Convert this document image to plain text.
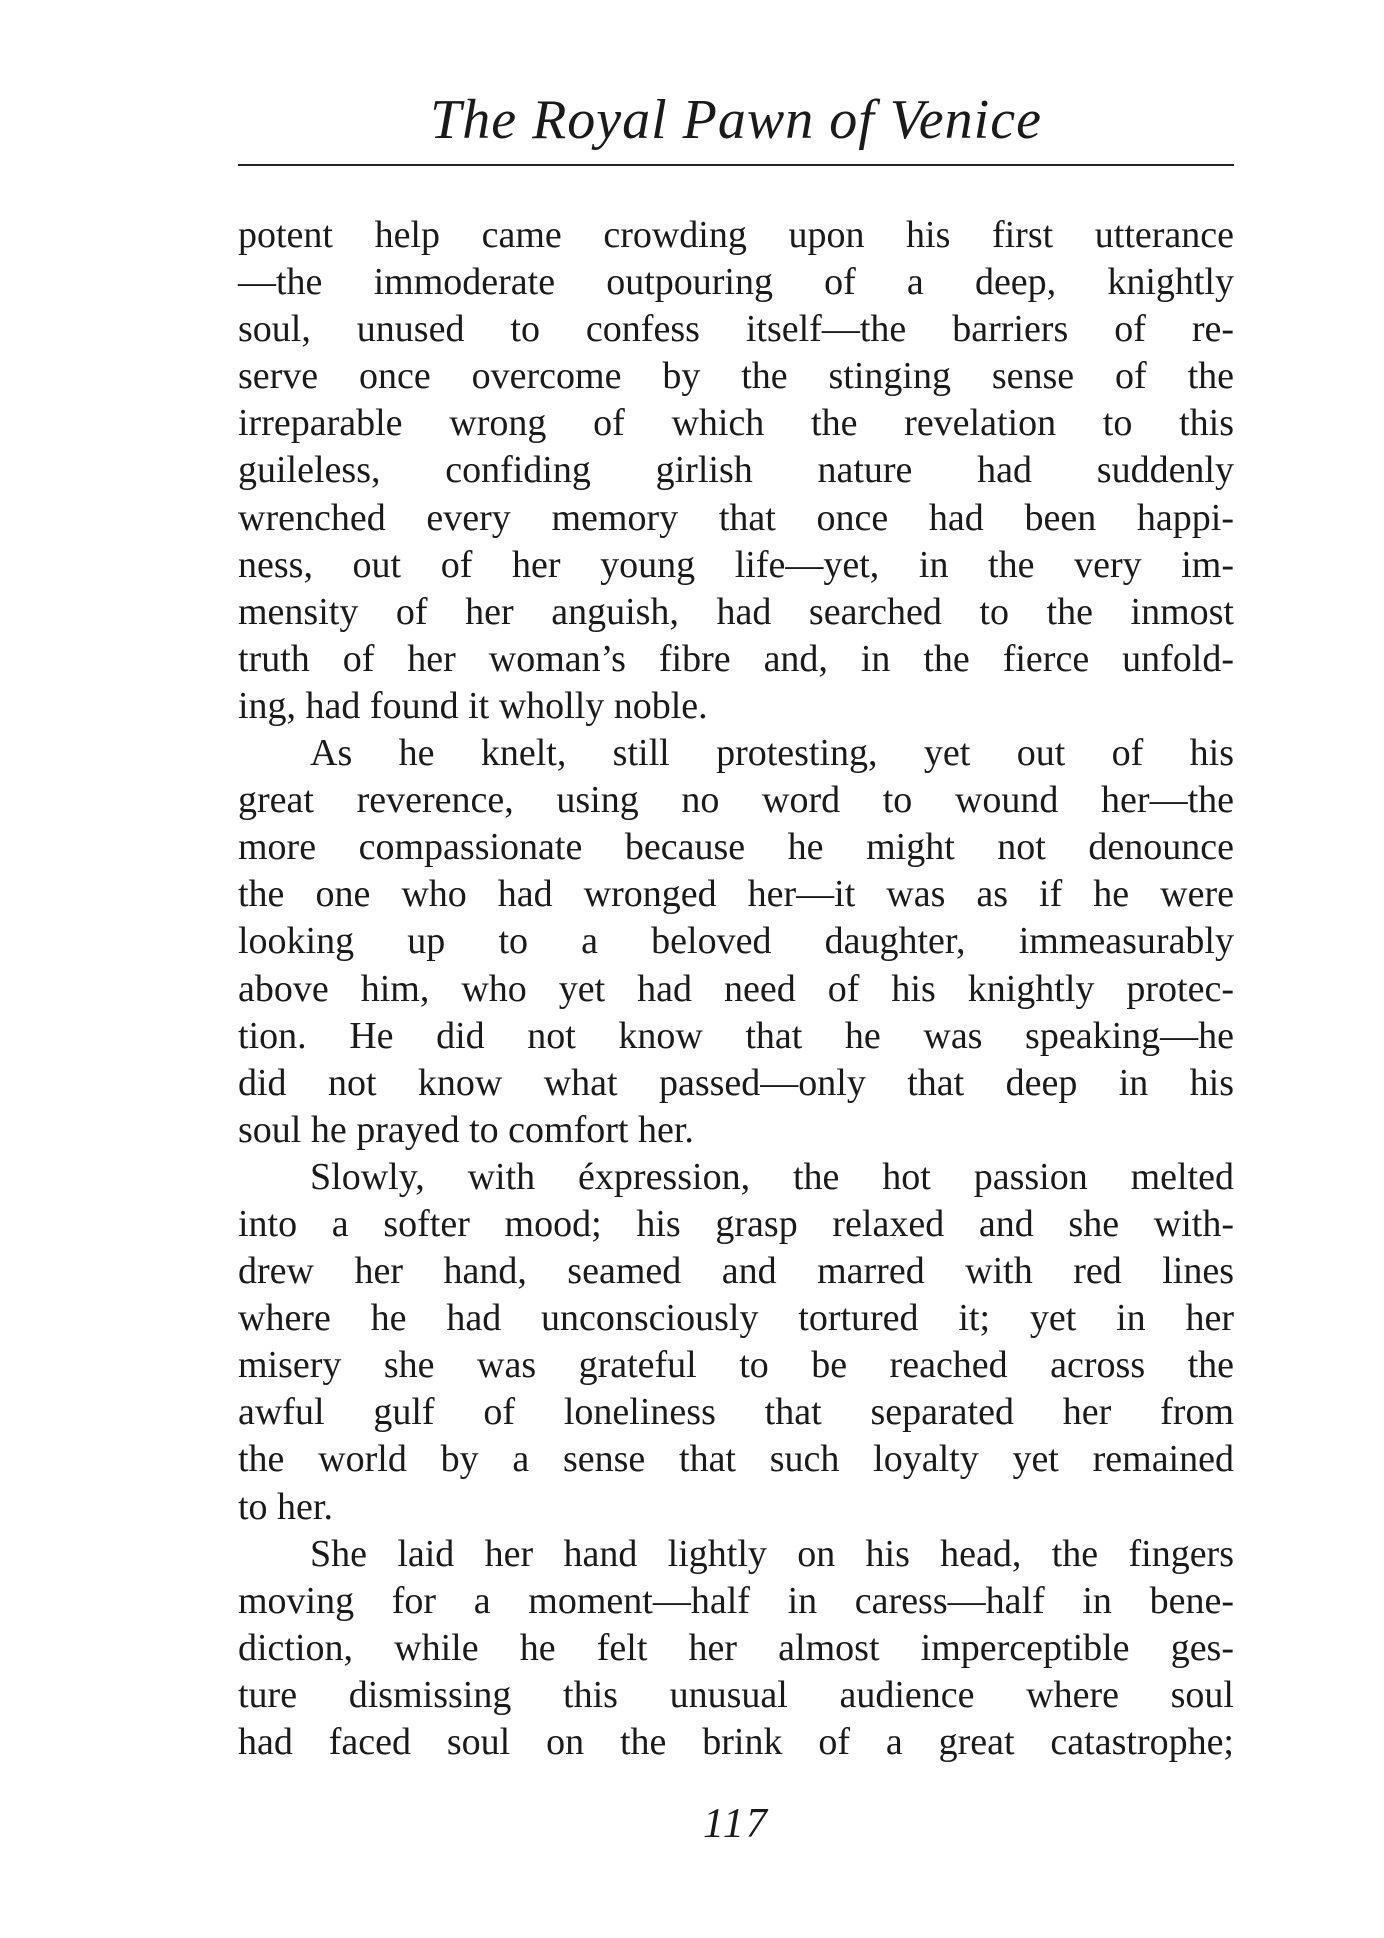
The Royal Pawn of Venice
potent help came crowding upon his first utterance
—the immoderate outpouring of a deep, knightly
soul, unused to confess itself—the barriers of re-
serve once overcome by the stinging sense of the
irreparable wrong of which the revelation to this
guileless, confiding girlish nature had suddenly
wrenched every memory that once had been happi-
ness, out of her young life—yet, in the very im-
mensity of her anguish, had searched to the inmost
truth of her woman’s fibre and, in the fierce unfold-
ing, had found it wholly noble.
As he knelt, still protesting, yet out of his
great reverence, using no word to wound her—the
more compassionate because he might not denounce
the one who had wronged her—it was as if he were
looking up to a beloved daughter, immeasurably
above him, who yet had need of his knightly protec-
tion. He did not know that he was speaking—he
did not know what passed—only that deep in his
soul he prayed to comfort her.
Slowly, with éxpression, the hot passion melted
into a softer mood; his grasp relaxed and she with-
drew her hand, seamed and marred with red lines
where he had unconsciously tortured it; yet in her
misery she was grateful to be reached across the
awful gulf of loneliness that separated her from
the world by a sense that such loyalty yet remained
to her.
She laid her hand lightly on his head, the fingers
moving for a moment—half in caress—half in bene-
diction, while he felt her almost imperceptible ges-
ture dismissing this unusual audience where soul
had faced soul on the brink of a great catastrophe;
117
